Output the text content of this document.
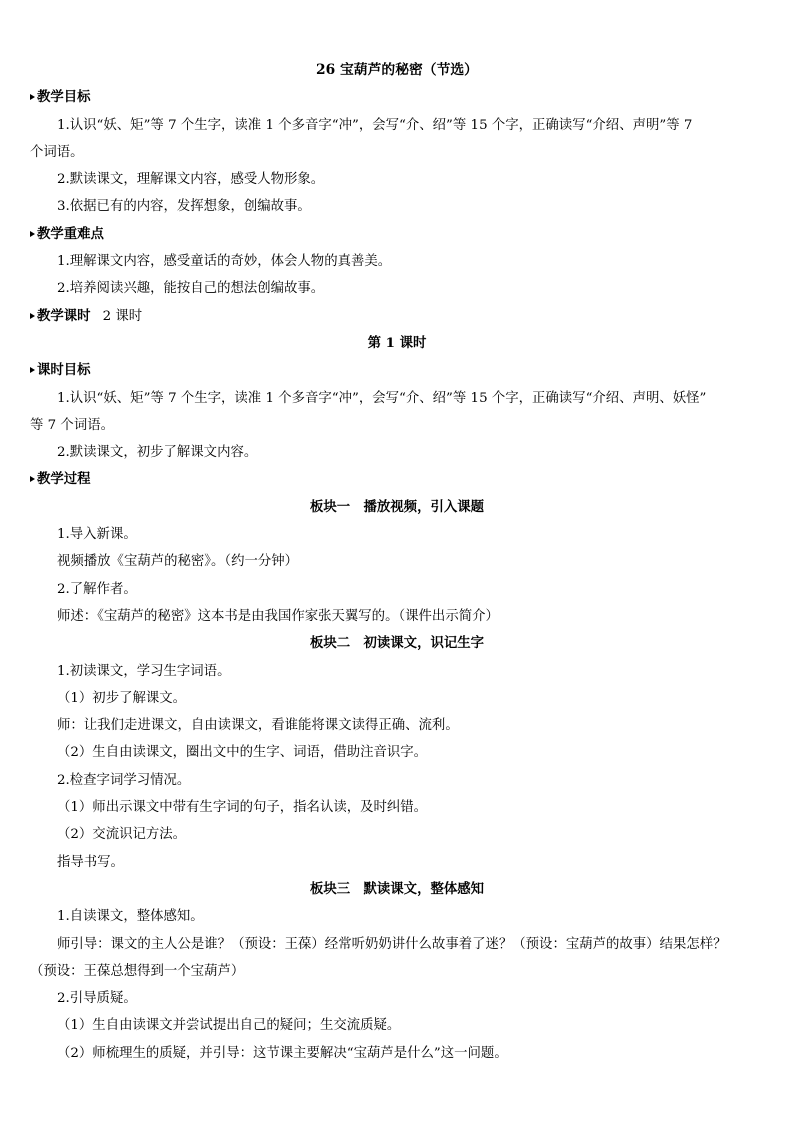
26 宝葫芦的秘密（节选）
教学目标
1.认识“妖、矩”等 7 个生字，读准 1 个多音字“冲”，会写“介、绍”等 15 个字，正确读写“介绍、声明”等 7
个词语。
2.默读课文，理解课文内容，感受人物形象。
3.依据已有的内容，发挥想象，创编故事。
教学重难点
1.理解课文内容，感受童话的奇妙，体会人物的真善美。
2.培养阅读兴趣，能按自己的想法创编故事。
教学课时 2 课时
第 1 课时
课时目标
1.认识“妖、矩”等 7 个生字，读准 1 个多音字“冲”，会写“介、绍”等 15 个字，正确读写“介绍、声明、妖怪”
等 7 个词语。
2.默读课文，初步了解课文内容。
教学过程
板块一　播放视频，引入课题
1.导入新课。
视频播放《宝葫芦的秘密》。（约一分钟）
2.了解作者。
师述：《宝葫芦的秘密》这本书是由我国作家张天翼写的。（课件出示简介）
板块二　初读课文，识记生字
1.初读课文，学习生字词语。
（1）初步了解课文。
师：让我们走进课文，自由读课文，看谁能将课文读得正确、流利。
（2）生自由读课文，圈出文中的生字、词语，借助注音识字。
2.检查字词学习情况。
（1）师出示课文中带有生字词的句子，指名认读，及时纠错。
（2）交流识记方法。
指导书写。
板块三　默读课文，整体感知
1.自读课文，整体感知。
师引导：课文的主人公是谁？（预设：王葆）经常听奶奶讲什么故事着了迷？（预设：宝葫芦的故事）结果怎样？
（预设：王葆总想得到一个宝葫芦）
2.引导质疑。
（1）生自由读课文并尝试提出自己的疑问；生交流质疑。
（2）师梳理生的质疑，并引导：这节课主要解决“宝葫芦是什么”这一问题。
